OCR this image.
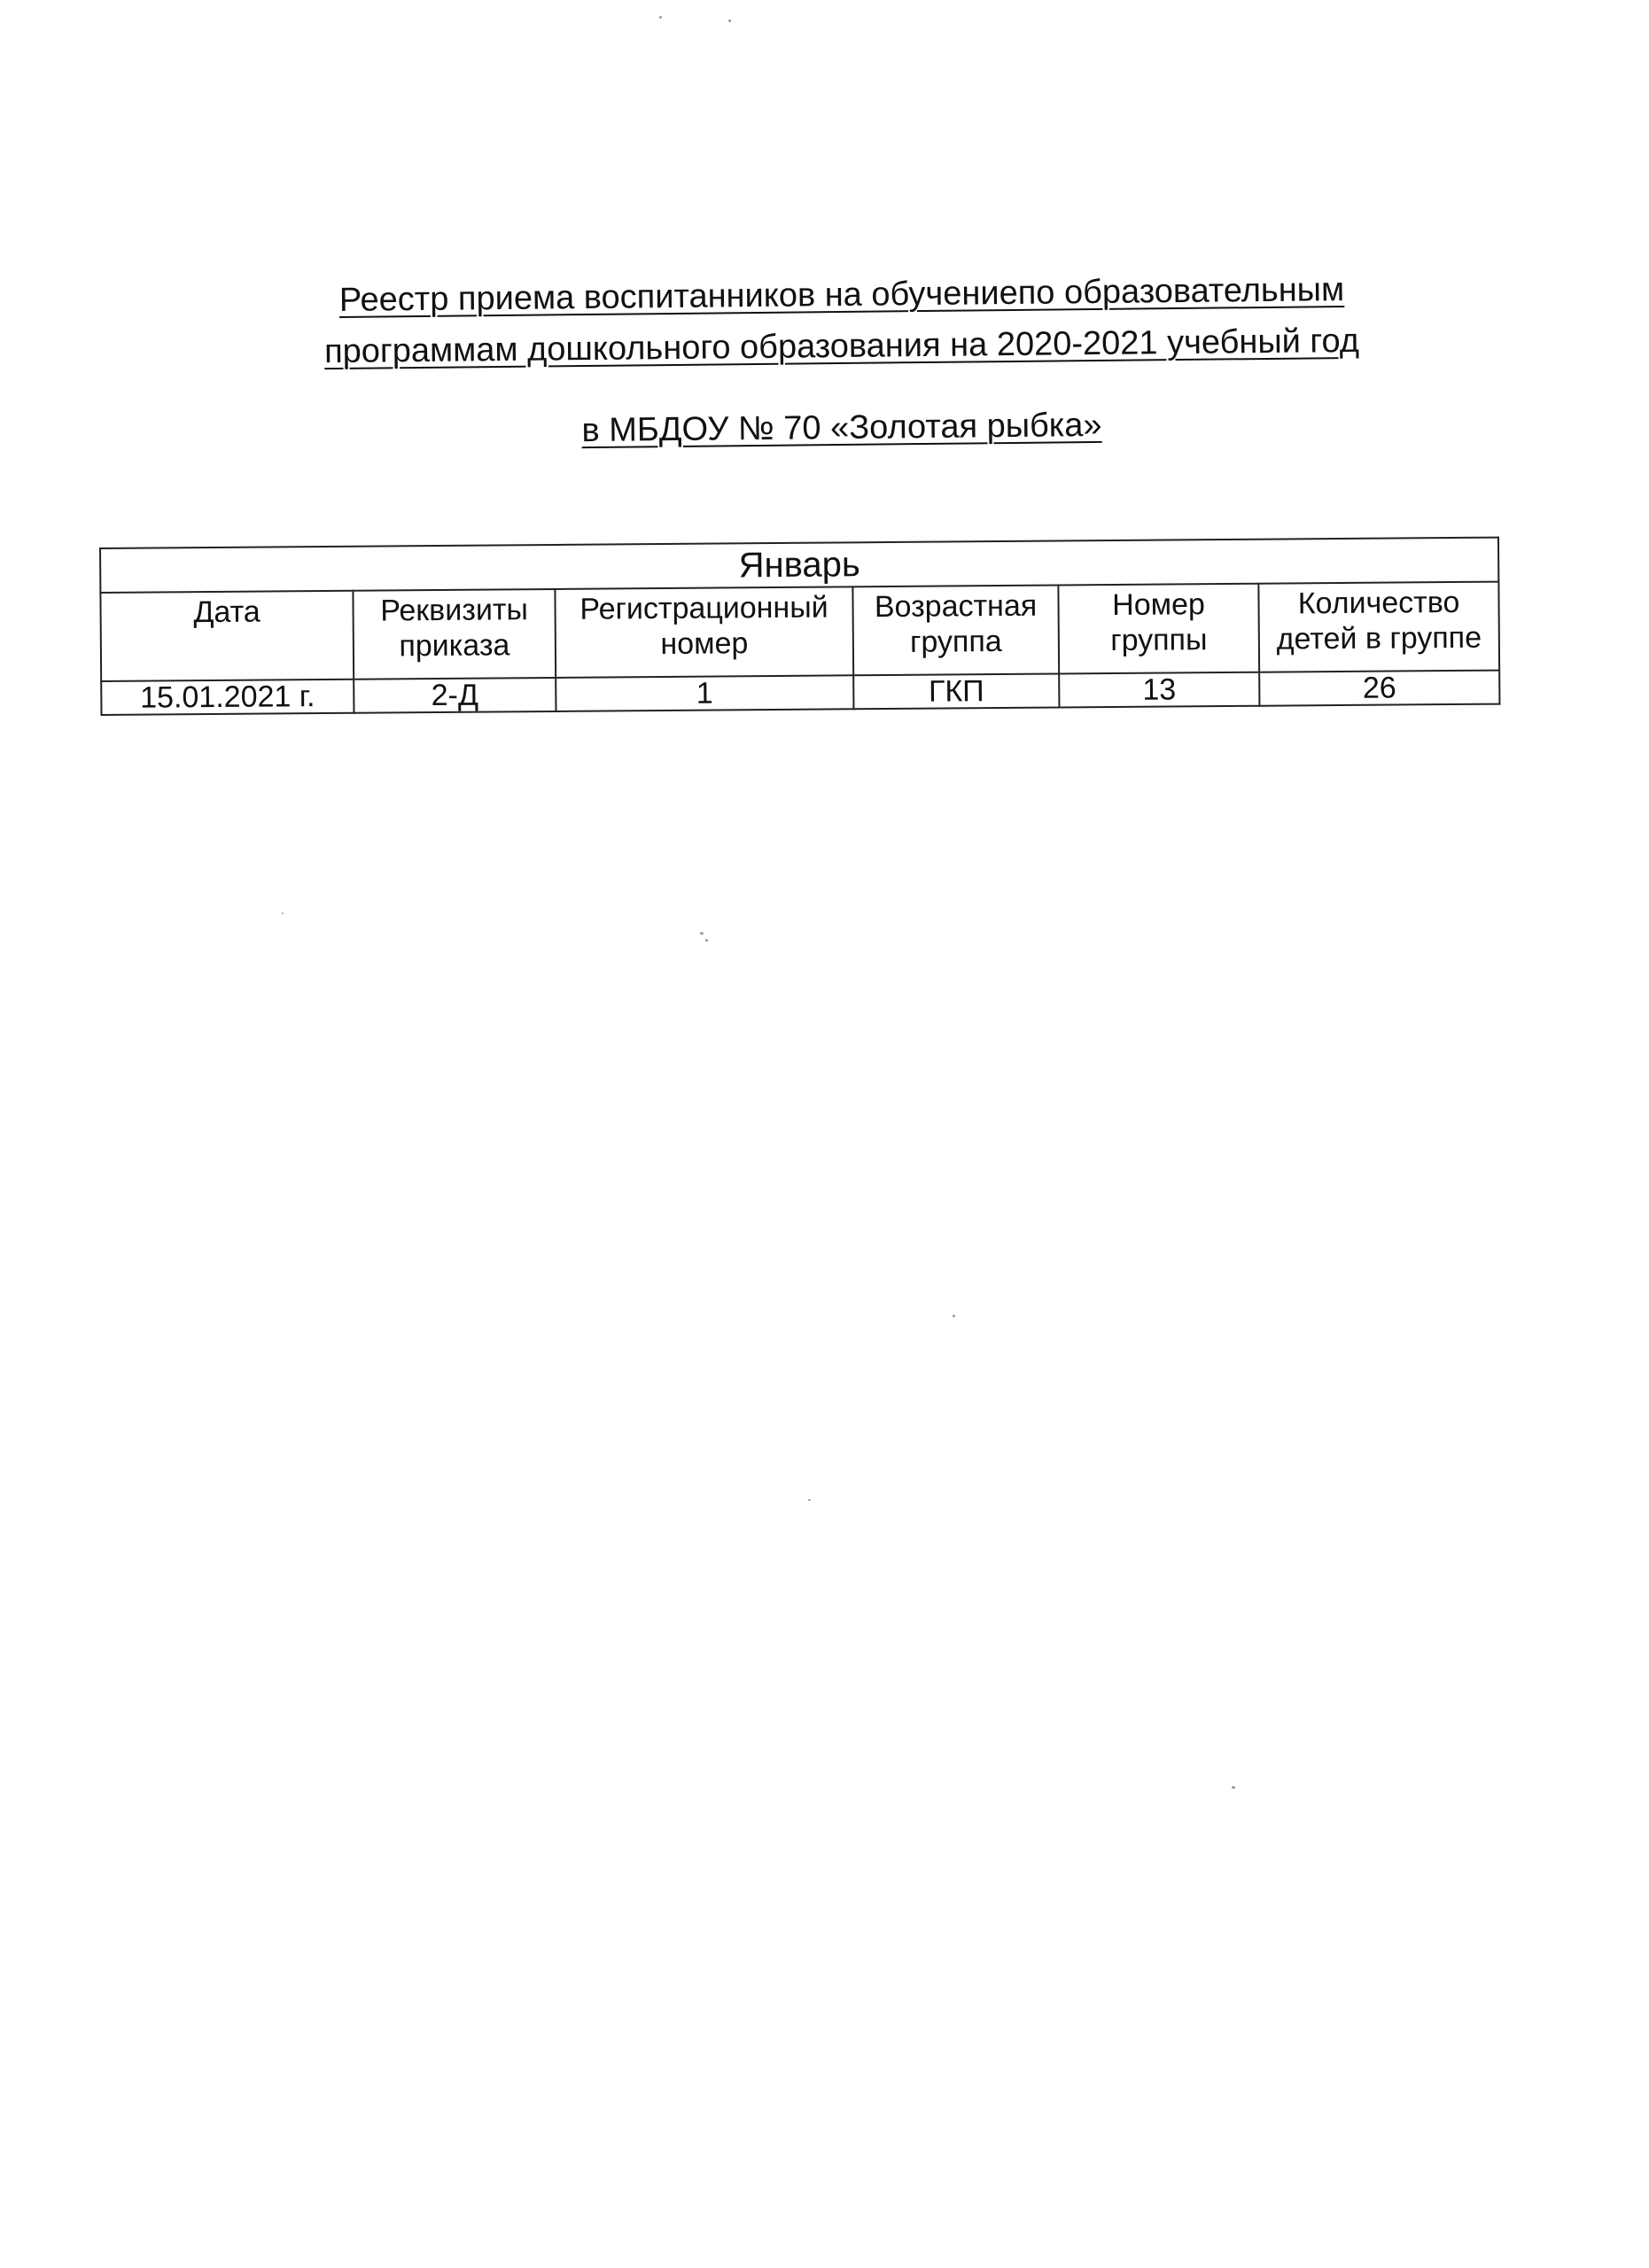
Реестр приема воспитанников на обучениепо образовательным
программам дошкольного образования на 2020-2021 учебный год
в МБДОУ № 70 «Золотая рыбка»
Январь					
Дата	Реквизиты приказа	Регистрационный номер	Возрастная группа	Номер группы	Количество детей в группе
15.01.2021 г.	2-Д	1	ГКП	13	26
